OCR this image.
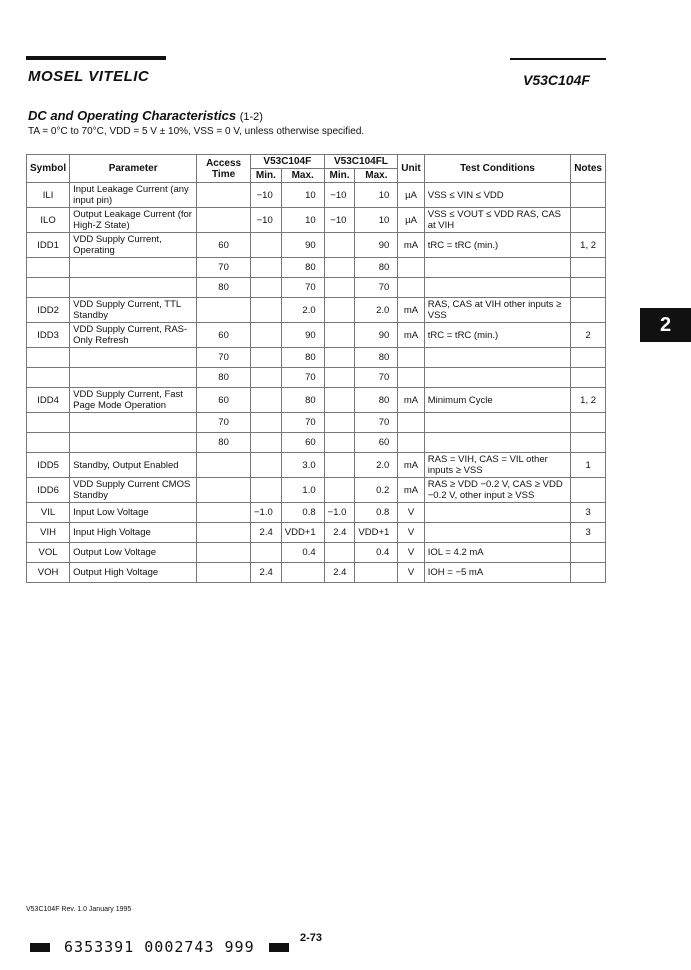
MOSEL VITELIC	V53C104F
DC and Operating Characteristics (1-2)
TA = 0°C to 70°C, VDD = 5 V ± 10%, VSS = 0 V, unless otherwise specified.
2
Symbol	Parameter	Access Time	V53C104F		V53C104FL		Unit	Test Conditions	Notes
			Min.	Max.	Min.	Max.			
ILI	Input Leakage Current (any input pin)		−10	10	−10	10	µA	VSS ≤ VIN ≤ VDD	
ILO	Output Leakage Current (for High-Z State)		−10	10	−10	10	µA	VSS ≤ VOUT ≤ VDD RAS, CAS at VIH	
IDD1	VDD Supply Current, Operating	60		90		90	mA	tRC = tRC (min.)	1, 2
		70		80		80			
		80		70		70			
IDD2	VDD Supply Current, TTL Standby			2.0		2.0	mA	RAS, CAS at VIH other inputs ≥ VSS	
IDD3	VDD Supply Current, RAS-Only Refresh	60		90		90	mA	tRC = tRC (min.)	2
		70		80		80			
		80		70		70			
IDD4	VDD Supply Current, Fast Page Mode Operation	60		80		80	mA	Minimum Cycle	1, 2
		70		70		70			
		80		60		60			
IDD5	Standby, Output Enabled			3.0		2.0	mA	RAS = VIH, CAS = VIL other inputs ≥ VSS	1
IDD6	VDD Supply Current CMOS Standby			1.0		0.2	mA	RAS ≥ VDD −0.2 V, CAS ≥ VDD −0.2 V, other input ≥ VSS	
VIL	Input Low Voltage		−1.0	0.8	−1.0	0.8	V		3
VIH	Input High Voltage		2.4	VDD+1	2.4	VDD+1	V		3
VOL	Output Low Voltage			0.4		0.4	V	IOL = 4.2 mA	
VOH	Output High Voltage		2.4		2.4		V	IOH = −5 mA	
V53C104F Rev. 1.0 January 1995
2-73
6353391 0002743 999
